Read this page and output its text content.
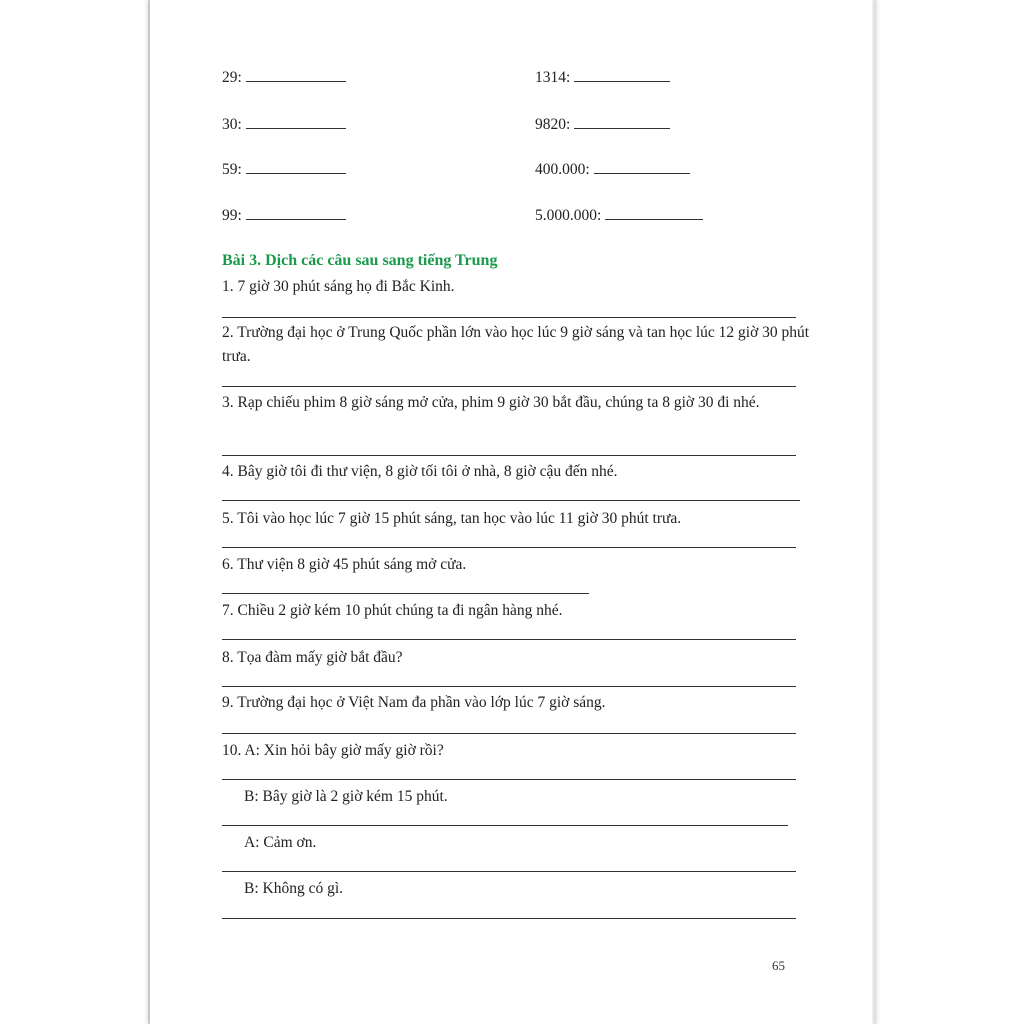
29:
30:
59:
99:
1314:
9820:
400.000:
5.000.000:
Bài 3. Dịch các câu sau sang tiếng Trung
1. 7 giờ 30 phút sáng họ đi Bắc Kinh.
2. Trường đại học ở Trung Quốc phần lớn vào học lúc 9 giờ sáng và tan học lúc 12 giờ 30 phút trưa.
3. Rạp chiếu phim 8 giờ sáng mở cửa, phim 9 giờ 30 bắt đầu, chúng ta 8 giờ 30 đi nhé.
4. Bây giờ tôi đi thư viện, 8 giờ tối tôi ở nhà, 8 giờ cậu đến nhé.
5. Tôi vào học lúc 7 giờ 15 phút sáng, tan học vào lúc 11 giờ 30 phút trưa.
6. Thư viện 8 giờ 45 phút sáng mở cửa.
7. Chiều 2 giờ kém 10 phút chúng ta đi ngân hàng nhé.
8. Tọa đàm mấy giờ bắt đầu?
9. Trường đại học ở Việt Nam đa phần vào lớp lúc 7 giờ sáng.
10. A: Xin hỏi bây giờ mấy giờ rồi?
B: Bây giờ là 2 giờ kém 15 phút.
A: Cảm ơn.
B: Không có gì.
65
